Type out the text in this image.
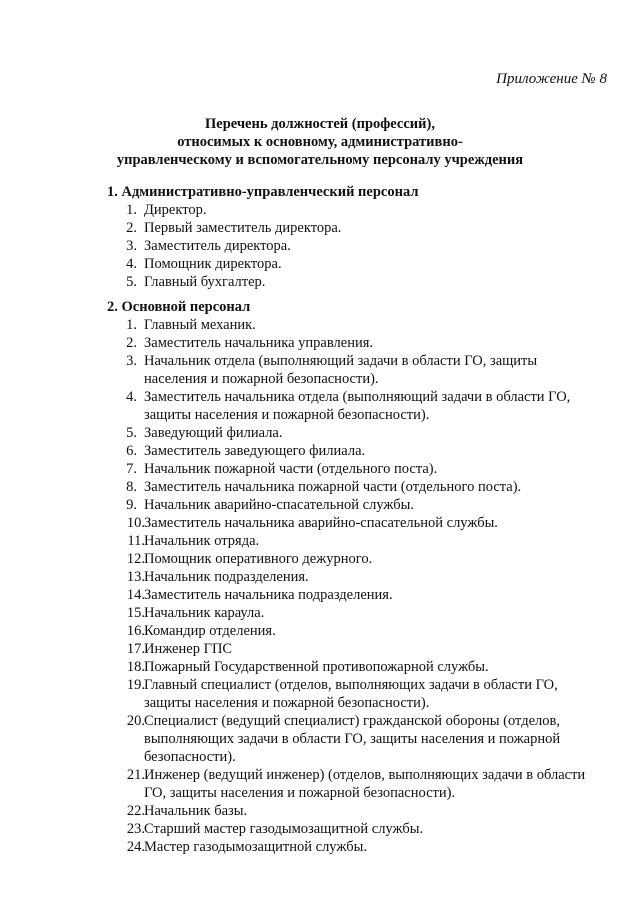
Приложение № 8
Перечень должностей (профессий),
относимых к основному, административно-
управленческому и вспомогательному персоналу учреждения
1. Административно-управленческий персонал
1. Директор.
2. Первый заместитель директора.
3. Заместитель директора.
4. Помощник директора.
5. Главный бухгалтер.
2. Основной персонал
1. Главный механик.
2. Заместитель начальника управления.
3. Начальник отдела (выполняющий задачи в области ГО, защиты
населения и пожарной безопасности).
4. Заместитель начальника отдела (выполняющий задачи в области ГО,
защиты населения и пожарной безопасности).
5. Заведующий филиала.
6. Заместитель заведующего филиала.
7. Начальник пожарной части (отдельного поста).
8. Заместитель начальника пожарной части (отдельного поста).
9. Начальник аварийно-спасательной службы.
10. Заместитель начальника аварийно-спасательной службы.
11. Начальник отряда.
12. Помощник оперативного дежурного.
13. Начальник подразделения.
14. Заместитель начальника подразделения.
15. Начальник караула.
16. Командир отделения.
17. Инженер ГПС
18. Пожарный Государственной противопожарной службы.
19. Главный специалист (отделов, выполняющих задачи в области ГО,
защиты населения и пожарной безопасности).
20. Специалист (ведущий специалист) гражданской обороны (отделов,
выполняющих задачи в области ГО, защиты населения и пожарной
безопасности).
21. Инженер (ведущий инженер) (отделов, выполняющих задачи в области
ГО, защиты населения и пожарной безопасности).
22. Начальник базы.
23. Старший мастер газодымозащитной службы.
24. Мастер газодымозащитной службы.
